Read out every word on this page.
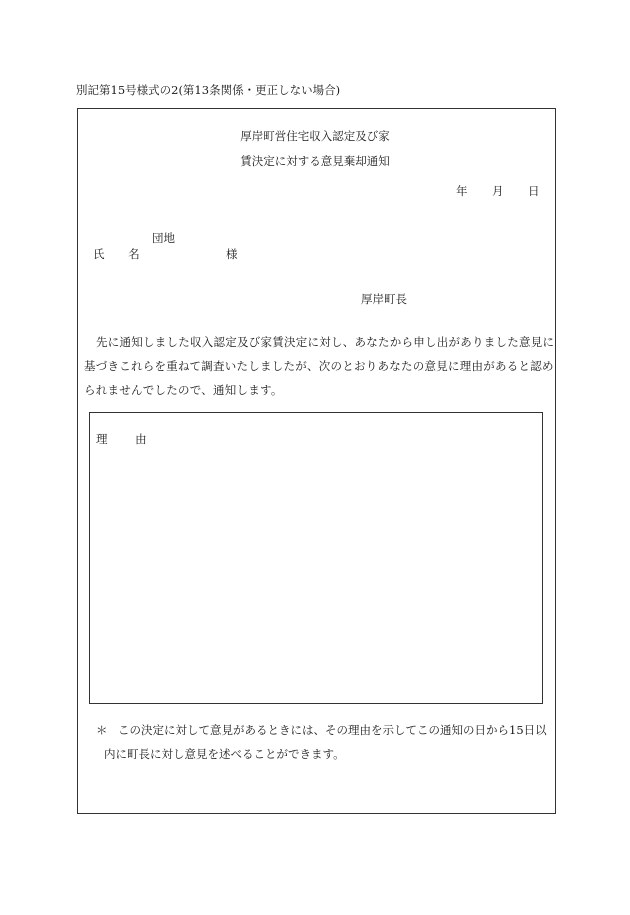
別記第15号様式の2(第13条関係・更正しない場合)
厚岸町営住宅収入認定及び家
賃決定に対する意見棄却通知
年 月 日
団地
氏 名	様
厚岸町長
先に通知しました収入認定及び家賃決定に対し、あなたから申し出がありました意見に
基づきこれらを重ねて調査いたしましたが、次のとおりあなたの意見に理由があると認め
られませんでしたので、通知します。
理 由
＊ この決定に対して意見があるときには、その理由を示してこの通知の日から15日以
内に町長に対し意見を述べることができます。
